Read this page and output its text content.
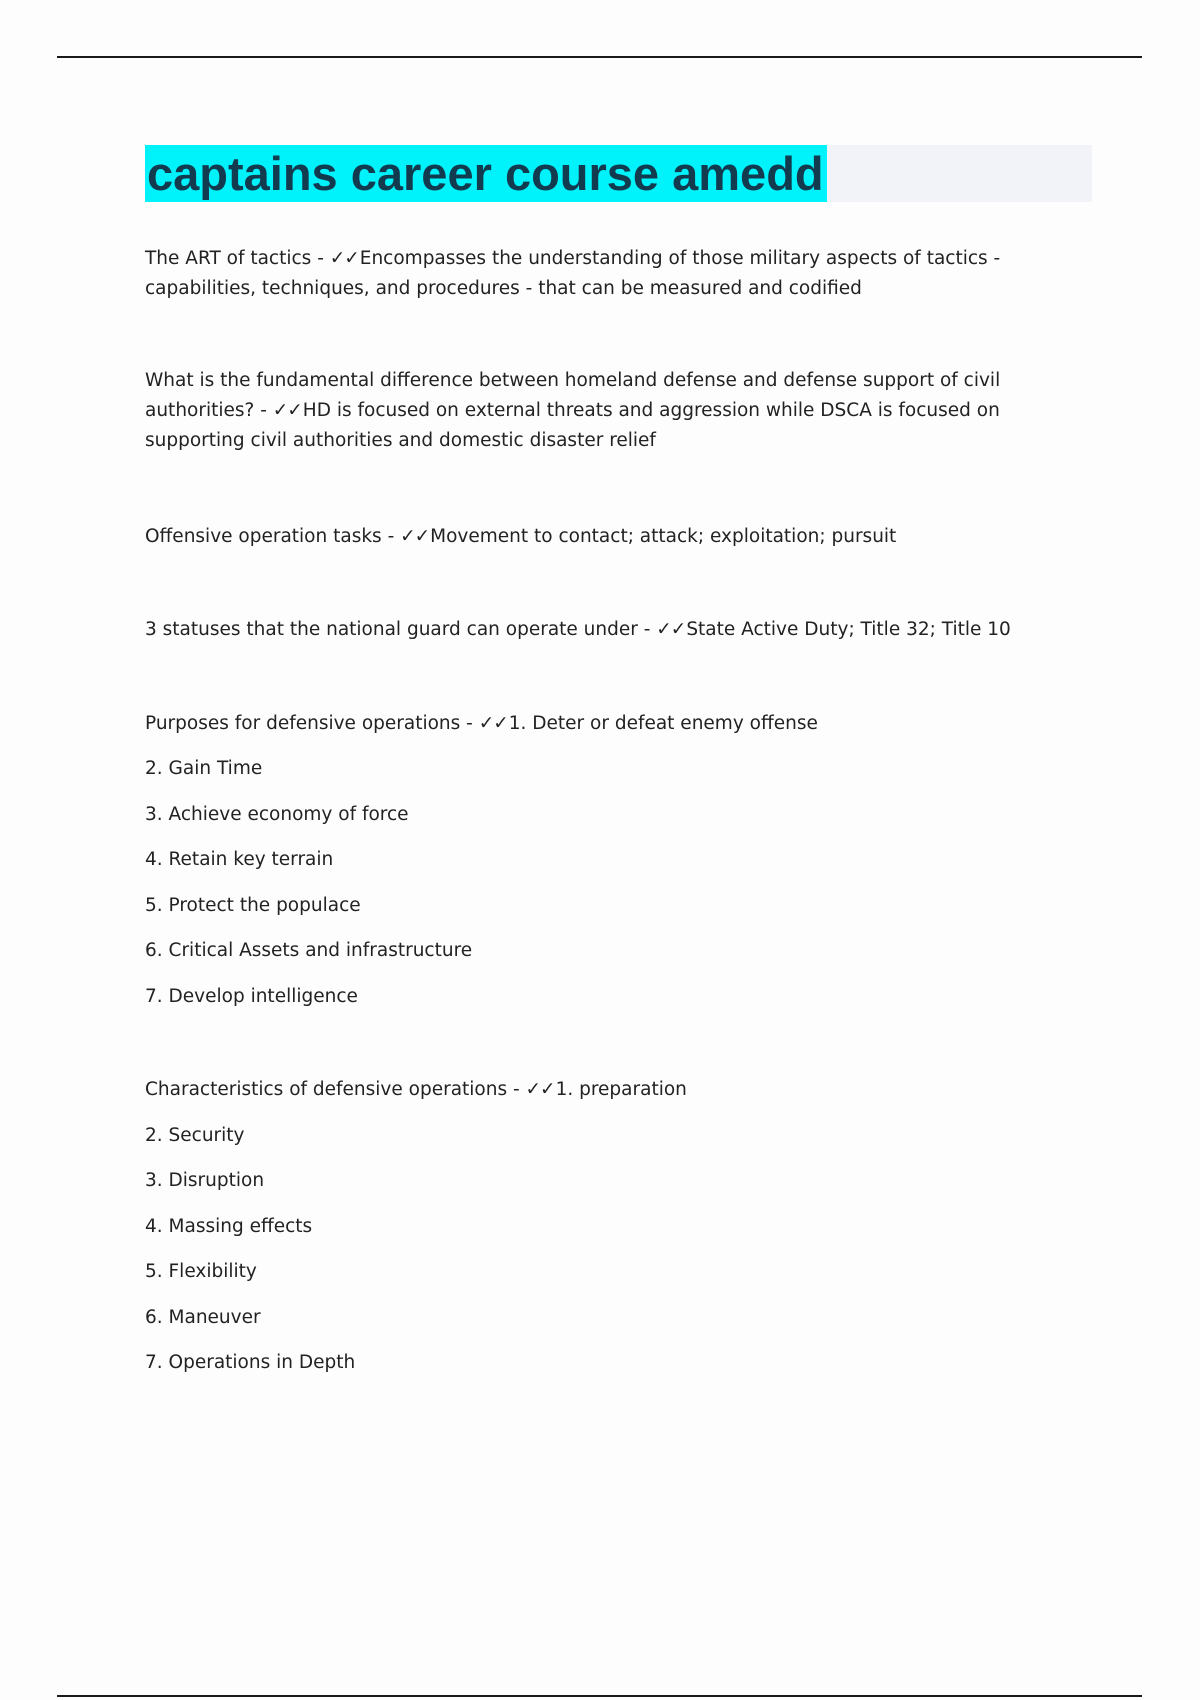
captains career course amedd

The ART of tactics - ✓✓Encompasses the understanding of those military aspects of tactics - capabilities, techniques, and procedures - that can be measured and codified

What is the fundamental difference between homeland defense and defense support of civil authorities? - ✓✓HD is focused on external threats and aggression while DSCA is focused on supporting civil authorities and domestic disaster relief

Offensive operation tasks - ✓✓Movement to contact; attack; exploitation; pursuit

3 statuses that the national guard can operate under - ✓✓State Active Duty; Title 32; Title 10

Purposes for defensive operations - ✓✓1. Deter or defeat enemy offense

2. Gain Time

3. Achieve economy of force

4. Retain key terrain

5. Protect the populace

6. Critical Assets and infrastructure

7. Develop intelligence

Characteristics of defensive operations - ✓✓1. preparation

2. Security

3. Disruption

4. Massing effects

5. Flexibility

6. Maneuver

7. Operations in Depth
